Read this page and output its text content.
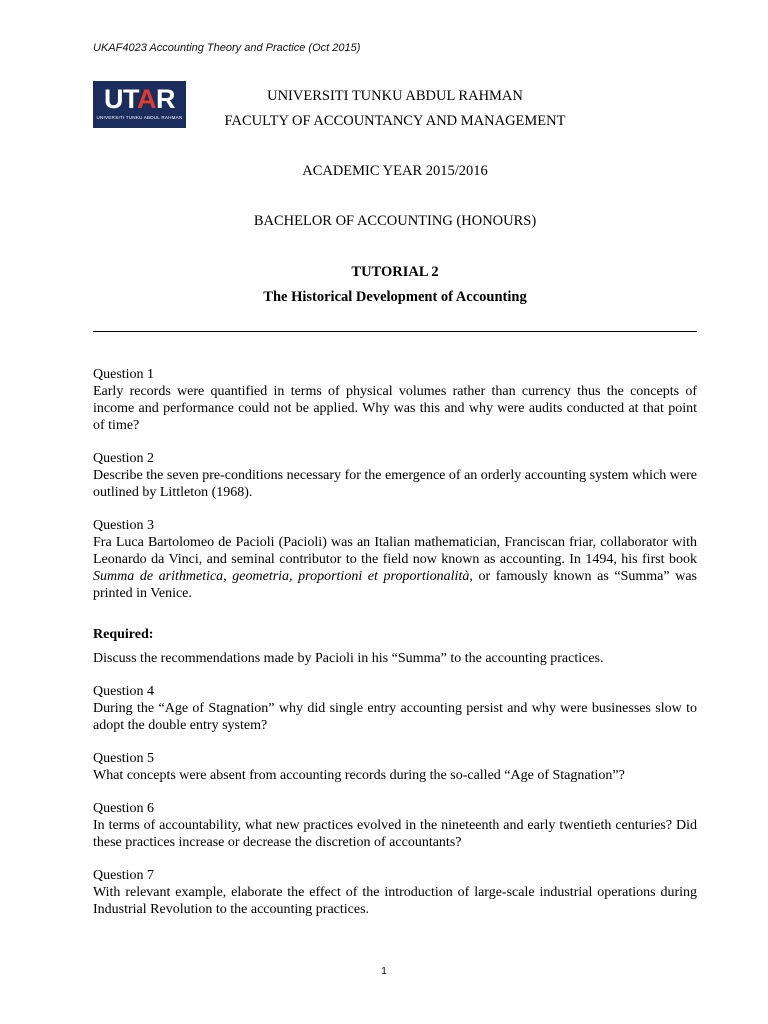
UKAF4023 Accounting Theory and Practice (Oct 2015)
UTAR
UNIVERSITI TUNKU ABDUL RAHMAN
UNIVERSITI TUNKU ABDUL RAHMAN
FACULTY OF ACCOUNTANCY AND MANAGEMENT
ACADEMIC YEAR 2015/2016
BACHELOR OF ACCOUNTING (HONOURS)
TUTORIAL 2
The Historical Development of Accounting
Question 1
Early records were quantified in terms of physical volumes rather than currency thus the concepts of income and performance could not be applied. Why was this and why were audits conducted at that point of time?
Question 2
Describe the seven pre-conditions necessary for the emergence of an orderly accounting system which were outlined by Littleton (1968).
Question 3
Fra Luca Bartolomeo de Pacioli (Pacioli) was an Italian mathematician, Franciscan friar, collaborator with Leonardo da Vinci, and seminal contributor to the field now known as accounting. In 1494, his first book Summa de arithmetica, geometria, proportioni et proportionalità, or famously known as “Summa” was printed in Venice.
Required:
Discuss the recommendations made by Pacioli in his “Summa” to the accounting practices.
Question 4
During the “Age of Stagnation” why did single entry accounting persist and why were businesses slow to adopt the double entry system?
Question 5
What concepts were absent from accounting records during the so-called “Age of Stagnation”?
Question 6
In terms of accountability, what new practices evolved in the nineteenth and early twentieth centuries? Did these practices increase or decrease the discretion of accountants?
Question 7
With relevant example, elaborate the effect of the introduction of large-scale industrial operations during Industrial Revolution to the accounting practices.
1
